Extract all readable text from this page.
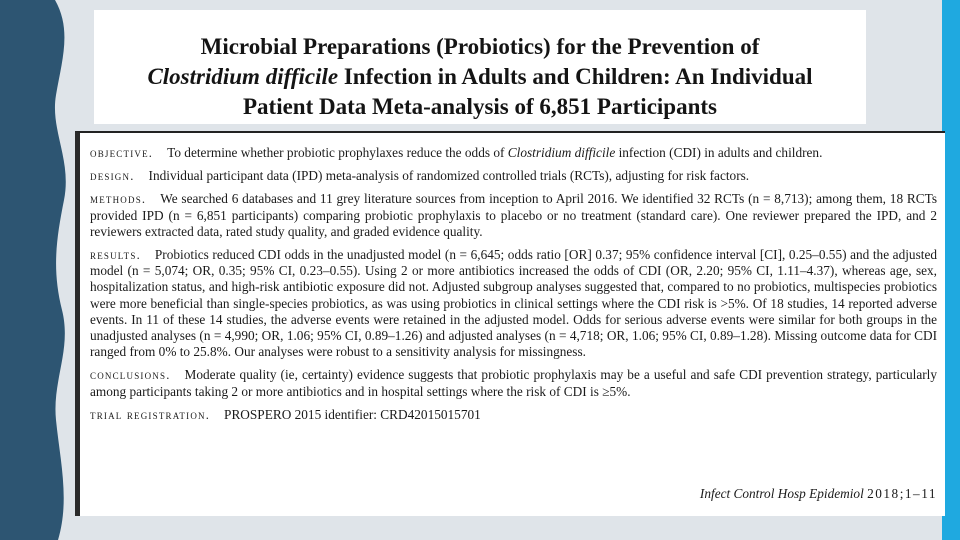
Microbial Preparations (Probiotics) for the Prevention of
Clostridium difficile Infection in Adults and Children: An Individual
Patient Data Meta-analysis of 6,851 Participants

objective. To determine whether probiotic prophylaxes reduce the odds of Clostridium difficile infection (CDI) in adults and children.

design. Individual participant data (IPD) meta-analysis of randomized controlled trials (RCTs), adjusting for risk factors.

methods. We searched 6 databases and 11 grey literature sources from inception to April 2016. We identified 32 RCTs (n = 8,713); among them, 18 RCTs provided IPD (n = 6,851 participants) comparing probiotic prophylaxis to placebo or no treatment (standard care). One reviewer prepared the IPD, and 2 reviewers extracted data, rated study quality, and graded evidence quality.

results. Probiotics reduced CDI odds in the unadjusted model (n = 6,645; odds ratio [OR] 0.37; 95% confidence interval [CI], 0.25–0.55) and the adjusted model (n = 5,074; OR, 0.35; 95% CI, 0.23–0.55). Using 2 or more antibiotics increased the odds of CDI (OR, 2.20; 95% CI, 1.11–4.37), whereas age, sex, hospitalization status, and high-risk antibiotic exposure did not. Adjusted subgroup analyses suggested that, compared to no probiotics, multispecies probiotics were more beneficial than single-species probiotics, as was using probiotics in clinical settings where the CDI risk is >5%. Of 18 studies, 14 reported adverse events. In 11 of these 14 studies, the adverse events were retained in the adjusted model. Odds for serious adverse events were similar for both groups in the unadjusted analyses (n = 4,990; OR, 1.06; 95% CI, 0.89–1.26) and adjusted analyses (n = 4,718; OR, 1.06; 95% CI, 0.89–1.28). Missing outcome data for CDI ranged from 0% to 25.8%. Our analyses were robust to a sensitivity analysis for missingness.

conclusions. Moderate quality (ie, certainty) evidence suggests that probiotic prophylaxis may be a useful and safe CDI prevention strategy, particularly among participants taking 2 or more antibiotics and in hospital settings where the risk of CDI is ≥5%.

trial registration. PROSPERO 2015 identifier: CRD42015015701

Infect Control Hosp Epidemiol 2018;1–11
